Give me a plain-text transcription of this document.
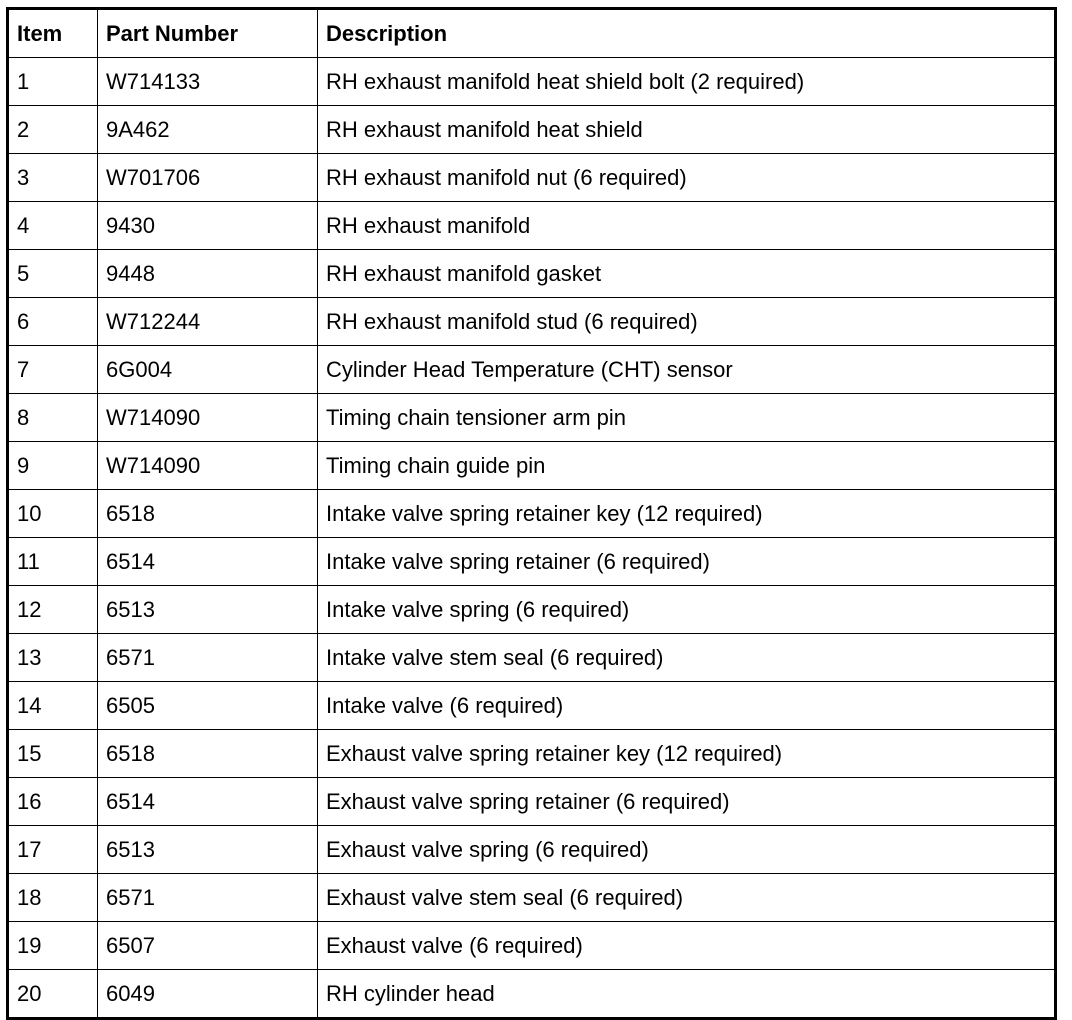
Item	Part Number	Description
1	W714133	RH exhaust manifold heat shield bolt (2 required)
2	9A462	RH exhaust manifold heat shield
3	W701706	RH exhaust manifold nut (6 required)
4	9430	RH exhaust manifold
5	9448	RH exhaust manifold gasket
6	W712244	RH exhaust manifold stud (6 required)
7	6G004	Cylinder Head Temperature (CHT) sensor
8	W714090	Timing chain tensioner arm pin
9	W714090	Timing chain guide pin
10	6518	Intake valve spring retainer key (12 required)
11	6514	Intake valve spring retainer (6 required)
12	6513	Intake valve spring (6 required)
13	6571	Intake valve stem seal (6 required)
14	6505	Intake valve (6 required)
15	6518	Exhaust valve spring retainer key (12 required)
16	6514	Exhaust valve spring retainer (6 required)
17	6513	Exhaust valve spring (6 required)
18	6571	Exhaust valve stem seal (6 required)
19	6507	Exhaust valve (6 required)
20	6049	RH cylinder head
